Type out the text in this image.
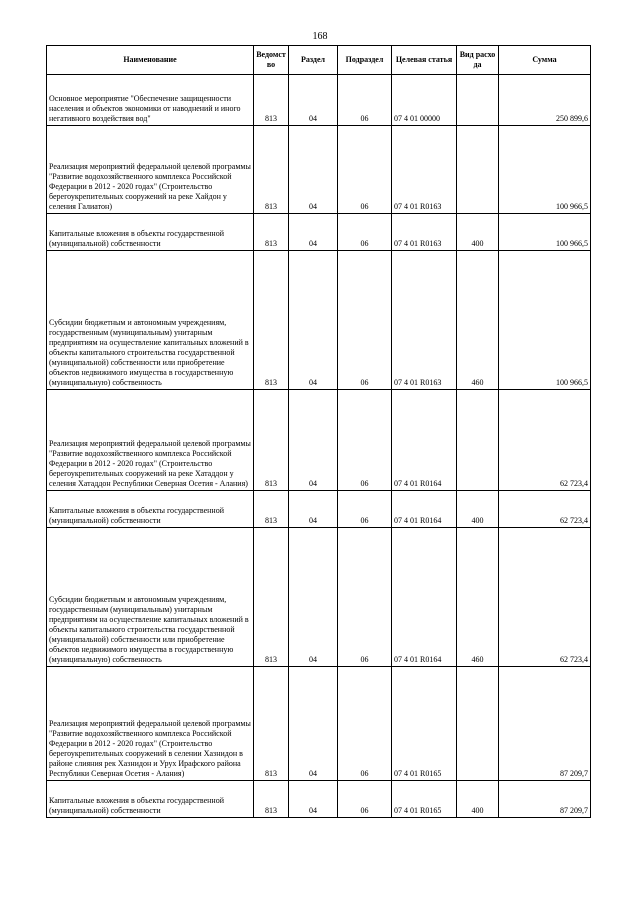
168
Наименование	Ведомство	Раздел	Подраздел	Целевая статья	Вид расхода	Сумма
Основное мероприятие "Обеспечение защищенности населения и объектов экономики от наводнений и иного негативного воздействия вод"	813	04	06	07 4 01 00000		250 899,6
Реализация мероприятий федеральной целевой программы "Развитие водохозяйственного комплекса Российской Федерации в 2012 - 2020 годах" (Строительство берегоукрепительных сооружений на реке Хайдон у селения Галиатон)	813	04	06	07 4 01 R0163		100 966,5
Капитальные вложения в объекты государственной (муниципальной) собственности	813	04	06	07 4 01 R0163	400	100 966,5
Субсидии бюджетным и автономным учреждениям, государственным (муниципальным) унитарным предприятиям на осуществление капитальных вложений в объекты капитального строительства государственной (муниципальной) собственности или приобретение объектов недвижимого имущества в государственную (муниципальную) собственность	813	04	06	07 4 01 R0163	460	100 966,5
Реализация мероприятий федеральной целевой программы "Развитие водохозяйственного комплекса Российской Федерации в 2012 - 2020 годах" (Строительство берегоукрепительных сооружений на реке Хатаддон у селения Хатаддон Республики Северная Осетия - Алания)	813	04	06	07 4 01 R0164		62 723,4
Капитальные вложения в объекты государственной (муниципальной) собственности	813	04	06	07 4 01 R0164	400	62 723,4
Субсидии бюджетным и автономным учреждениям, государственным (муниципальным) унитарным предприятиям на осуществление капитальных вложений в объекты капитального строительства государственной (муниципальной) собственности или приобретение объектов недвижимого имущества в государственную (муниципальную) собственность	813	04	06	07 4 01 R0164	460	62 723,4
Реализация мероприятий федеральной целевой программы "Развитие водохозяйственного комплекса Российской Федерации в 2012 - 2020 годах" (Строительство берегоукрепительных сооружений в селении Хазнидон в районе слияния рек Хазнидон и Урух Ирафского района Республики Северная Осетия - Алания)	813	04	06	07 4 01 R0165		87 209,7
Капитальные вложения в объекты государственной (муниципальной) собственности	813	04	06	07 4 01 R0165	400	87 209,7
